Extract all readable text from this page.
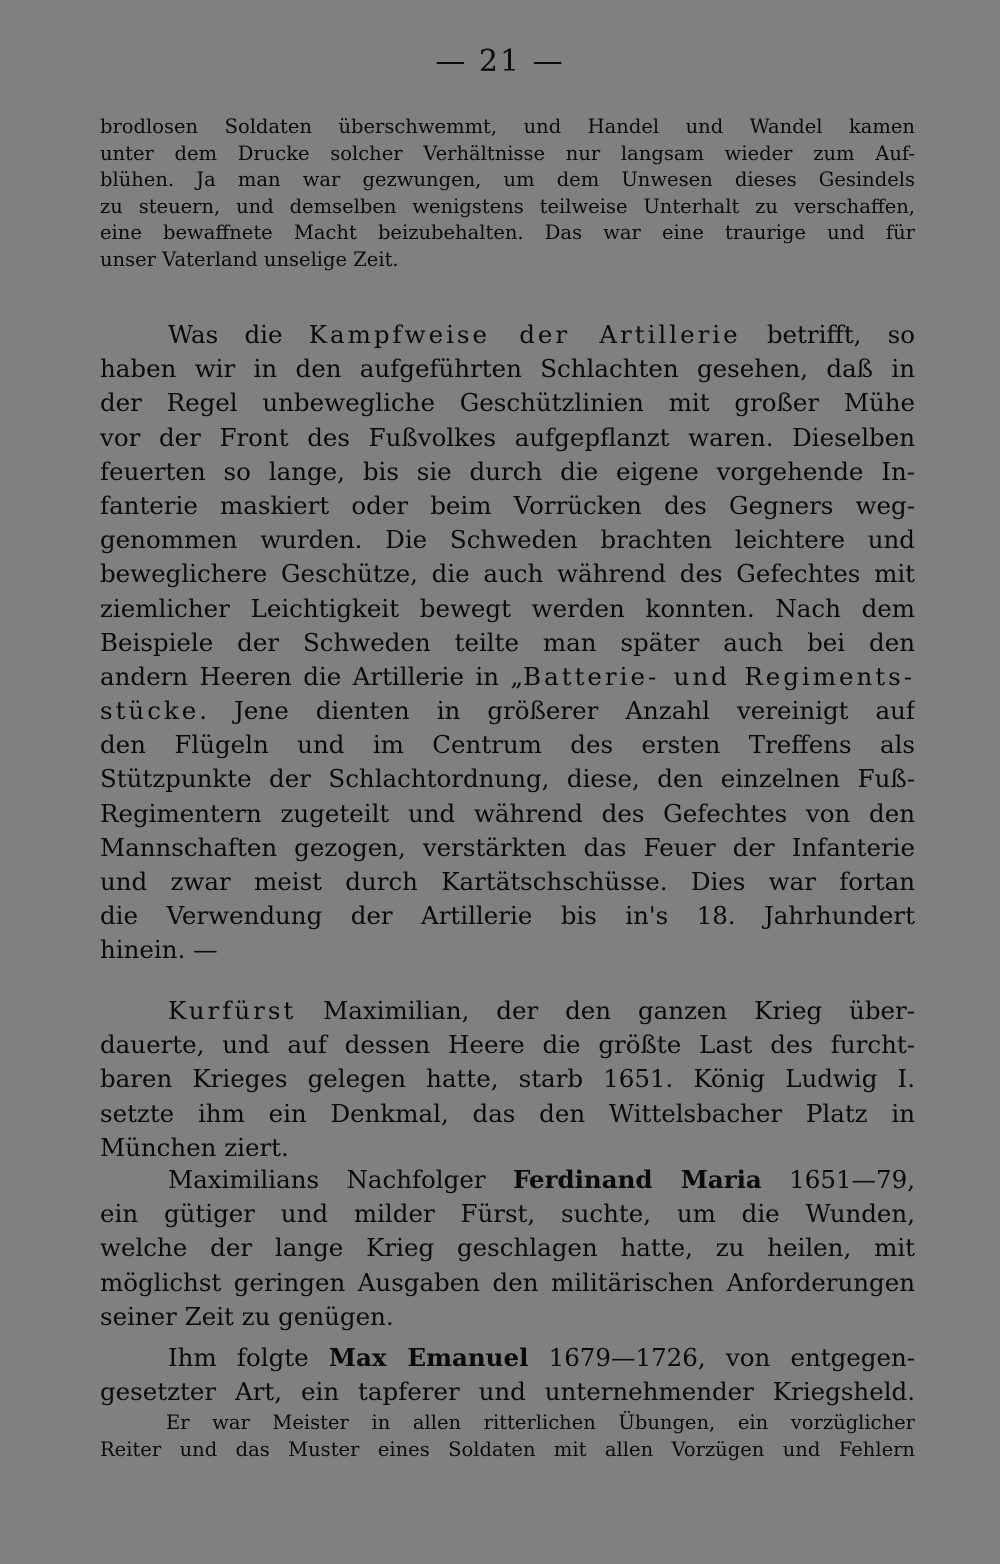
— 21 —
brodlosen Soldaten überschwemmt, und Handel und Wandel kamen
unter dem Drucke solcher Verhältnisse nur langsam wieder zum Auf-
blühen. Ja man war gezwungen, um dem Unwesen dieses Gesindels
zu steuern, und demselben wenigstens teilweise Unterhalt zu verschaffen,
eine bewaffnete Macht beizubehalten. Das war eine traurige und für
unser Vaterland unselige Zeit.
Was die Kampfweise der Artillerie betrifft, so
haben wir in den aufgeführten Schlachten gesehen, daß in
der Regel unbewegliche Geschützlinien mit großer Mühe
vor der Front des Fußvolkes aufgepflanzt waren. Dieselben
feuerten so lange, bis sie durch die eigene vorgehende In-
fanterie maskiert oder beim Vorrücken des Gegners weg-
genommen wurden. Die Schweden brachten leichtere und
beweglichere Geschütze, die auch während des Gefechtes mit
ziemlicher Leichtigkeit bewegt werden konnten. Nach dem
Beispiele der Schweden teilte man später auch bei den
andern Heeren die Artillerie in „Batterie- und Regiments-
stücke. Jene dienten in größerer Anzahl vereinigt auf
den Flügeln und im Centrum des ersten Treffens als
Stützpunkte der Schlachtordnung, diese, den einzelnen Fuß-
Regimentern zugeteilt und während des Gefechtes von den
Mannschaften gezogen, verstärkten das Feuer der Infanterie
und zwar meist durch Kartätschschüsse. Dies war fortan
die Verwendung der Artillerie bis in's 18. Jahrhundert
hinein. —
Kurfürst Maximilian, der den ganzen Krieg über-
dauerte, und auf dessen Heere die größte Last des furcht-
baren Krieges gelegen hatte, starb 1651. König Ludwig I.
setzte ihm ein Denkmal, das den Wittelsbacher Platz in
München ziert.
Maximilians Nachfolger Ferdinand Maria 1651—79,
ein gütiger und milder Fürst, suchte, um die Wunden,
welche der lange Krieg geschlagen hatte, zu heilen, mit
möglichst geringen Ausgaben den militärischen Anforderungen
seiner Zeit zu genügen.
Ihm folgte Max Emanuel 1679—1726, von entgegen-
gesetzter Art, ein tapferer und unternehmender Kriegsheld.
Er war Meister in allen ritterlichen Übungen, ein vorzüglicher
Reiter und das Muster eines Soldaten mit allen Vorzügen und Fehlern
